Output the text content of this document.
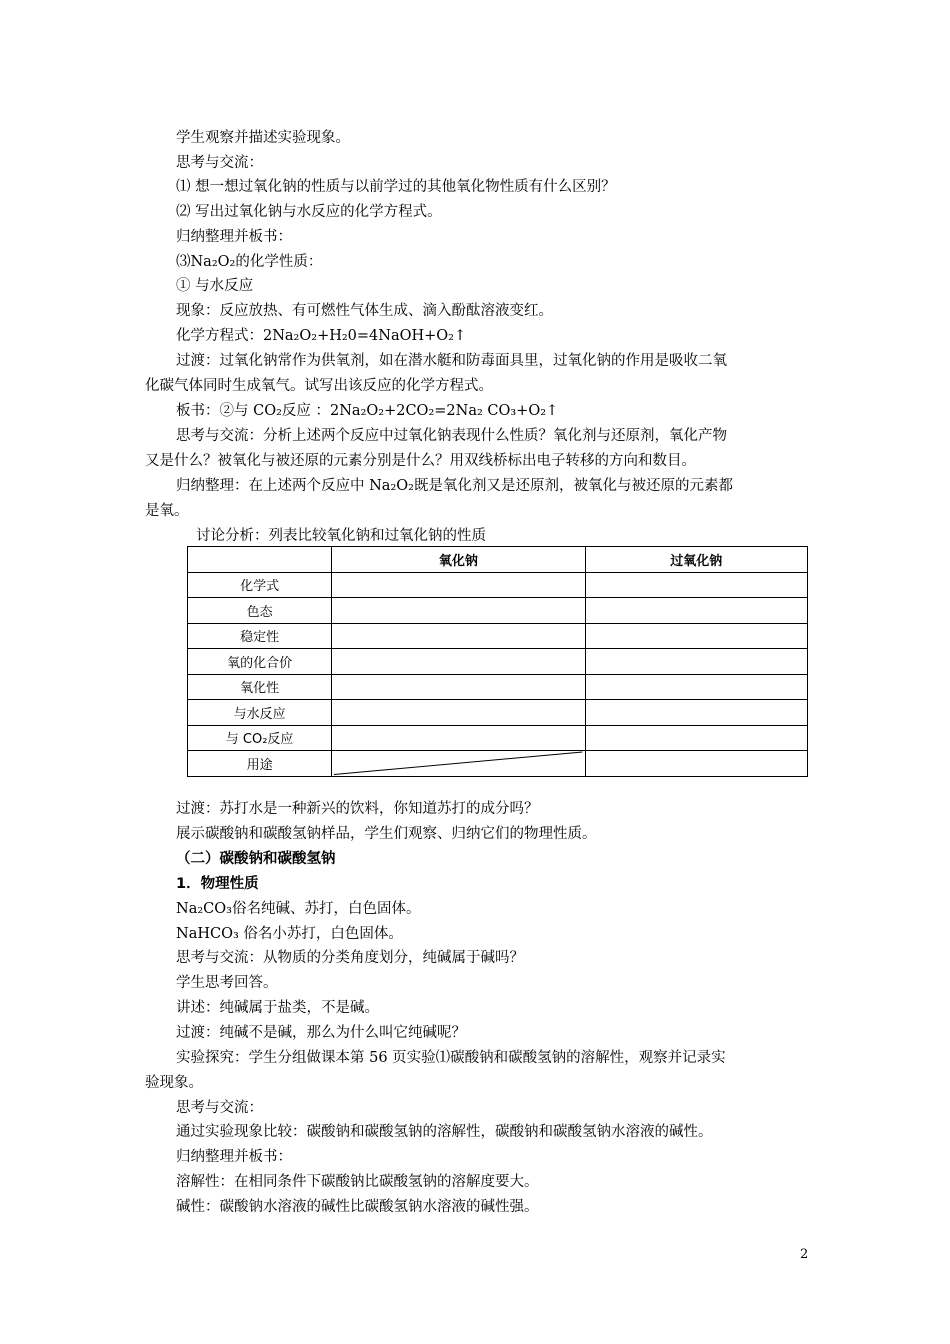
学生观察并描述实验现象。
思考与交流：
⑴ 想一想过氧化钠的性质与以前学过的其他氧化物性质有什么区别？
⑵ 写出过氧化钠与水反应的化学方程式。
归纳整理并板书：
⑶Na₂O₂的化学性质：
① 与水反应
现象：反应放热、有可燃性气体生成、滴入酚酞溶液变红。
化学方程式：2Na₂O₂+H₂0=4NaOH+O₂↑
过渡：过氧化钠常作为供氧剂，如在潜水艇和防毒面具里，过氧化钠的作用是吸收二氧
化碳气体同时生成氧气。试写出该反应的化学方程式。
板书：②与 CO₂反应 ：2Na₂O₂+2CO₂=2Na₂ CO₃+O₂↑
思考与交流：分析上述两个反应中过氧化钠表现什么性质？氧化剂与还原剂，氧化产物
又是什么？被氧化与被还原的元素分别是什么？用双线桥标出电子转移的方向和数目。
归纳整理：在上述两个反应中 Na₂O₂既是氧化剂又是还原剂，被氧化与被还原的元素都
是氧。
讨论分析：列表比较氧化钠和过氧化钠的性质
	氧化钠	过氧化钠
化学式		
色态		
稳定性		
氧的化合价		
氧化性		
与水反应		
与 CO₂反应		
用途	

过渡：苏打水是一种新兴的饮料，你知道苏打的成分吗？
展示碳酸钠和碳酸氢钠样品，学生们观察、归纳它们的物理性质。
（二）碳酸钠和碳酸氢钠
1．物理性质
Na₂CO₃俗名纯碱、苏打，白色固体。
NaHCO₃ 俗名小苏打，白色固体。
思考与交流：从物质的分类角度划分，纯碱属于碱吗？
学生思考回答。
讲述：纯碱属于盐类，不是碱。
过渡：纯碱不是碱，那么为什么叫它纯碱呢？
实验探究：学生分组做课本第 56 页实验⑴碳酸钠和碳酸氢钠的溶解性，观察并记录实
验现象。
思考与交流：
通过实验现象比较：碳酸钠和碳酸氢钠的溶解性，碳酸钠和碳酸氢钠水溶液的碱性。
归纳整理并板书：
溶解性：在相同条件下碳酸钠比碳酸氢钠的溶解度要大。
碱性：碳酸钠水溶液的碱性比碳酸氢钠水溶液的碱性强。
2
